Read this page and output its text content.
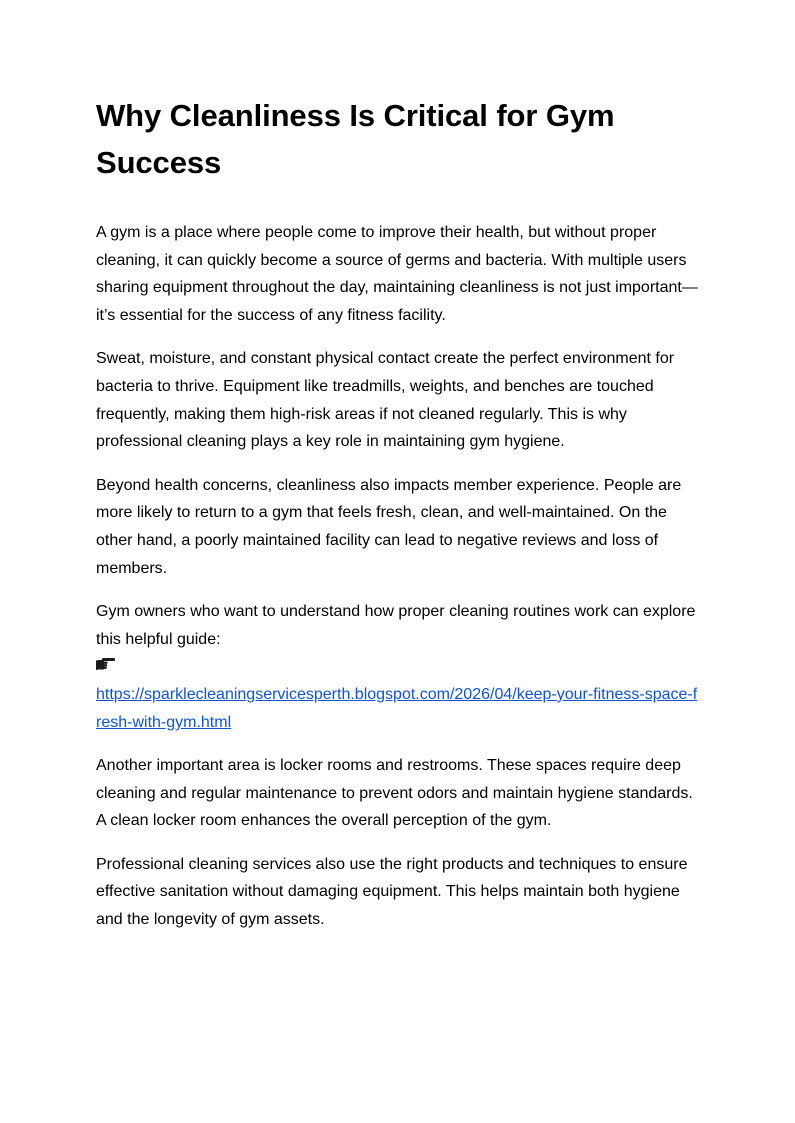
Why Cleanliness Is Critical for Gym Success

A gym is a place where people come to improve their health, but without proper cleaning, it can quickly become a source of germs and bacteria. With multiple users sharing equipment throughout the day, maintaining cleanliness is not just important—it’s essential for the success of any fitness facility.

Sweat, moisture, and constant physical contact create the perfect environment for bacteria to thrive. Equipment like treadmills, weights, and benches are touched frequently, making them high-risk areas if not cleaned regularly. This is why professional cleaning plays a key role in maintaining gym hygiene.

Beyond health concerns, cleanliness also impacts member experience. People are more likely to return to a gym that feels fresh, clean, and well-maintained. On the other hand, a poorly maintained facility can lead to negative reviews and loss of members.

Gym owners who want to understand how proper cleaning routines work can explore this helpful guide:

https://sparklecleaningservicesperth.blogspot.com/2026/04/keep-your-fitness-space-fresh-with-gym.html

Another important area is locker rooms and restrooms. These spaces require deep cleaning and regular maintenance to prevent odors and maintain hygiene standards. A clean locker room enhances the overall perception of the gym.

Professional cleaning services also use the right products and techniques to ensure effective sanitation without damaging equipment. This helps maintain both hygiene and the longevity of gym assets.
